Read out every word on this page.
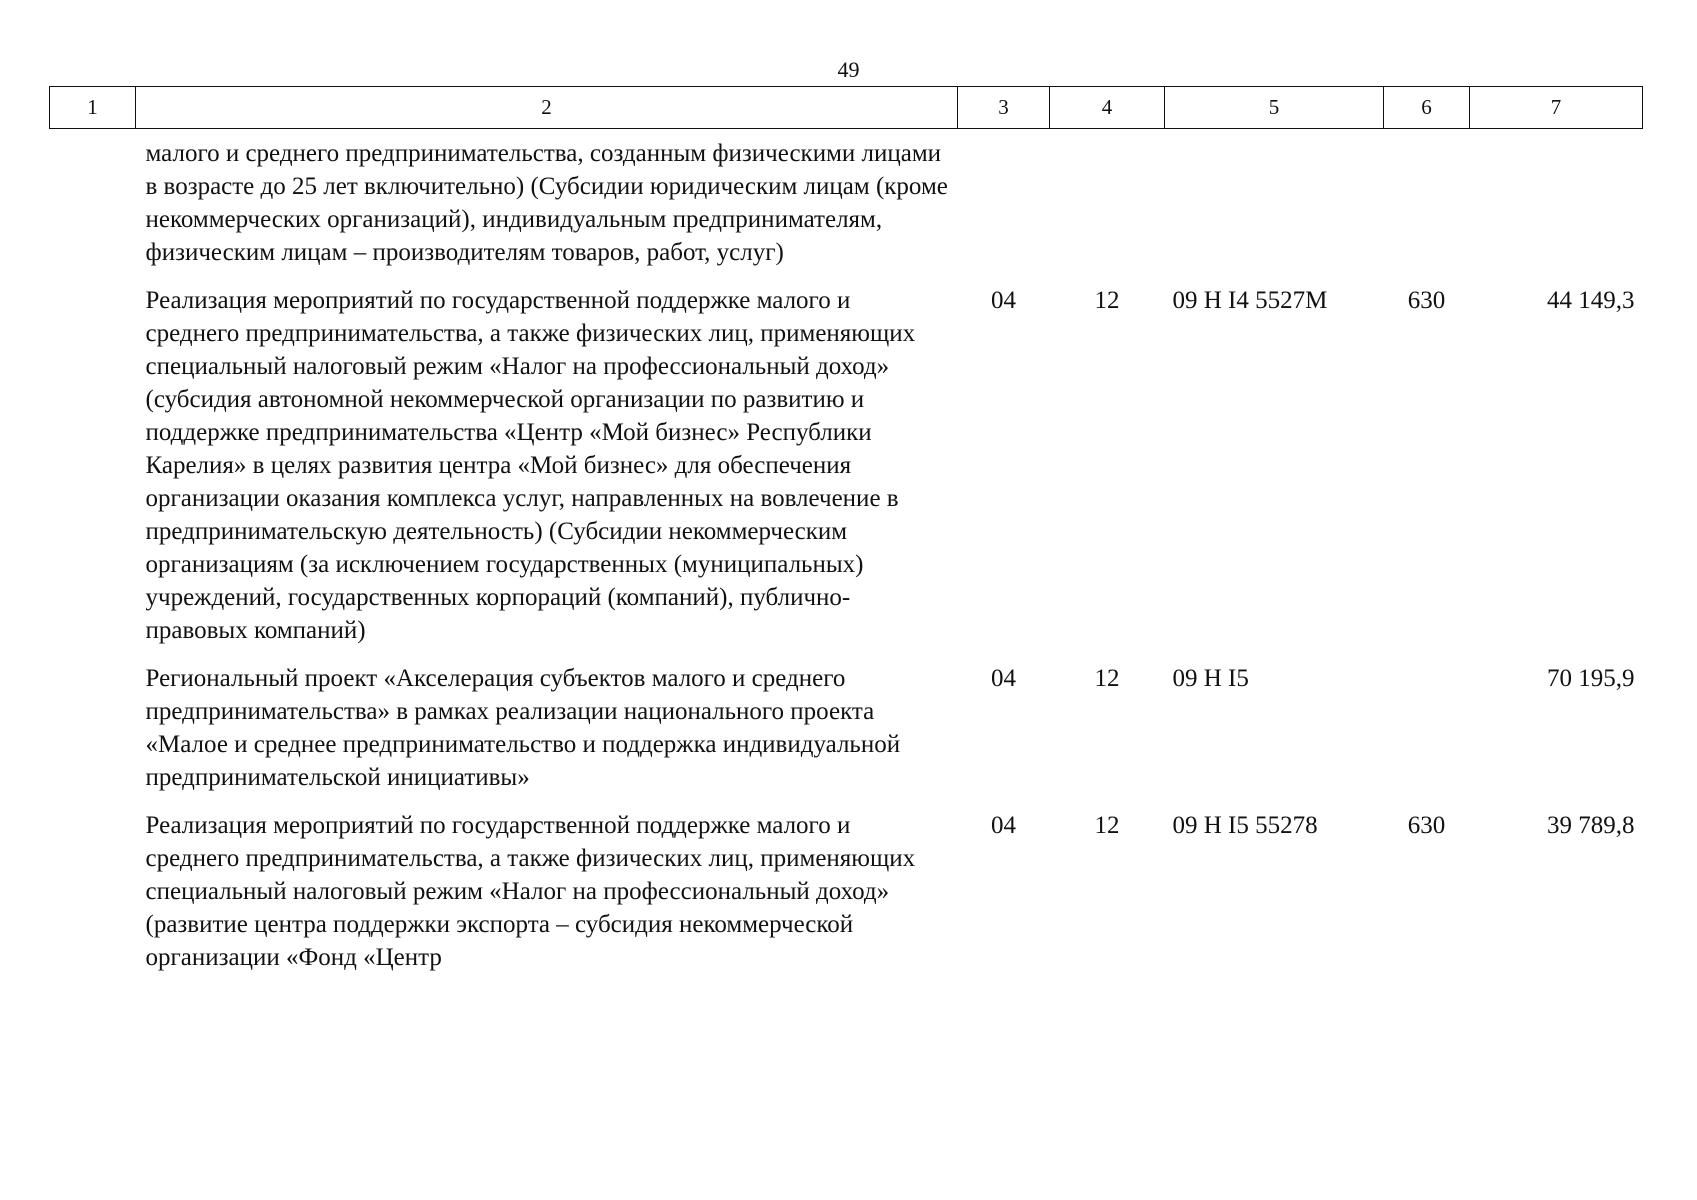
49
1	2	3	4	5	6	7
малого и среднего предпринимательства, созданным физическими лицами в возрасте до 25 лет включительно) (Субсидии юридическим лицам (кроме некоммерческих организаций), индивидуальным предпринимателям, физическим лицам – производителям товаров, работ, услуг)						
Реализация мероприятий по государственной поддержке малого и среднего предпринимательства, а также физических лиц, применяющих специальный налоговый режим «Налог на профессиональный доход» (субсидия автономной некоммерческой организации по развитию и поддержке предпринимательства «Центр «Мой бизнес» Республики Карелия» в целях развития центра «Мой бизнес» для обеспечения организации оказания комплекса услуг, направленных на вовлечение в предпринимательскую деятельность) (Субсидии некоммерческим организациям (за исключением государственных (муниципальных) учреждений, государственных корпораций (компаний), публично-правовых компаний)		04	12	09 Н I4 5527М	630	44 149,3
Региональный проект «Акселерация субъектов малого и среднего предпринимательства» в рамках реализации национального проекта «Малое и среднее предпринимательство и поддержка индивидуальной предпринимательской инициативы»		04	12	09 Н I5		70 195,9
Реализация мероприятий по государственной поддержке малого и среднего предпринимательства, а также физических лиц, применяющих специальный налоговый режим «Налог на профессиональный доход» (развитие центра поддержки экспорта – субсидия некоммерческой организации «Фонд «Центр		04	12	09 Н I5 55278	630	39 789,8
